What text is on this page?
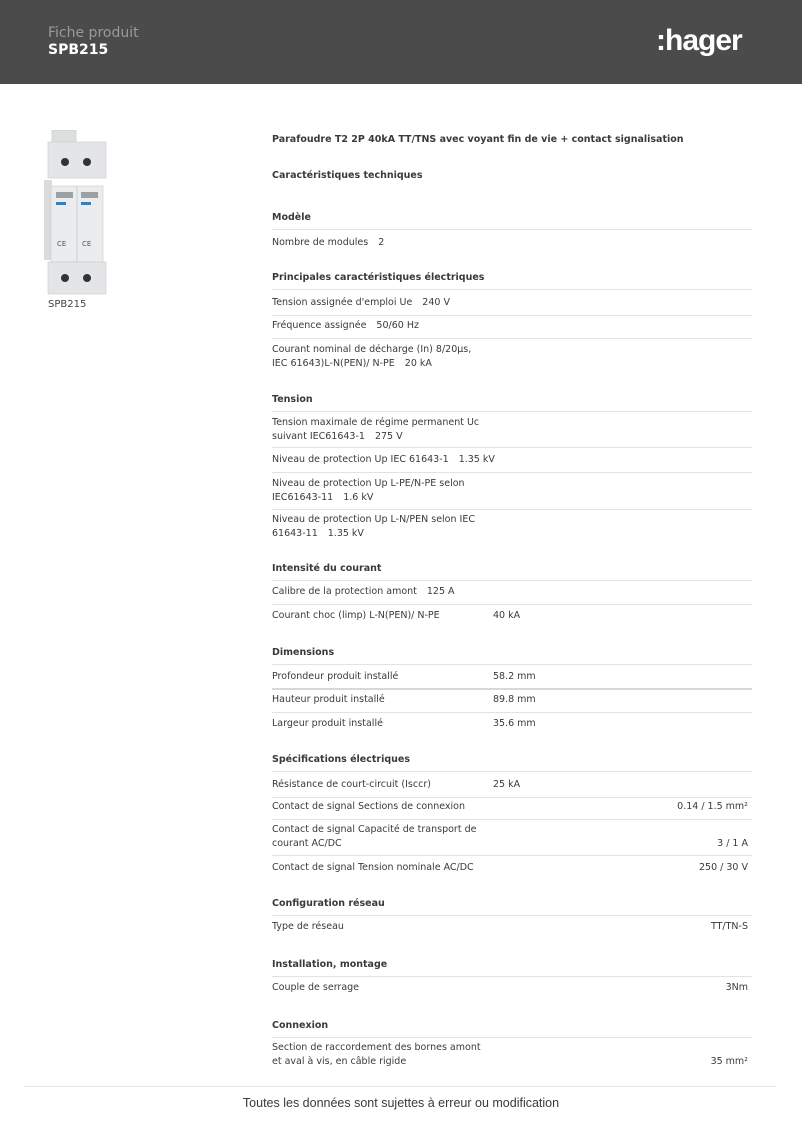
Fiche produit
SPB215	:hager
CE CE
SPB215
Parafoudre T2 2P 40kA TT/TNS avec voyant fin de vie + contact signalisation
Caractéristiques techniques
Modèle
Nombre de modules 2
Principales caractéristiques électriques
Tension assignée d'emploi Ue 240 V
Fréquence assignée 50/60 Hz
Courant nominal de décharge (In) 8/20µs,
IEC 61643)L-N(PEN)/ N-PE 20 kA
Tension
Tension maximale de régime permanent Uc
suivant IEC61643-1 275 V
Niveau de protection Up IEC 61643-1 1.35 kV
Niveau de protection Up L-PE/N-PE selon
IEC61643-11 1.6 kV
Niveau de protection Up L-N/PEN selon IEC
61643-11 1.35 kV
Intensité du courant
Calibre de la protection amont 125 A
Courant choc (limp) L-N(PEN)/ N-PE	40 kA
Dimensions
Profondeur produit installé	58.2 mm
Hauteur produit installé	89.8 mm
Largeur produit installé	35.6 mm
Spécifications électriques
Résistance de court-circuit (Isccr)	25 kA
Contact de signal Sections de connexion	0.14 / 1.5 mm²
Contact de signal Capacité de transport de
courant AC/DC	3 / 1 A
Contact de signal Tension nominale AC/DC	250 / 30 V
Configuration réseau
Type de réseau	TT/TN-S
Installation, montage
Couple de serrage	3Nm
Connexion
Section de raccordement des bornes amont
et aval à vis, en câble rigide	35 mm²
Toutes les données sont sujettes à erreur ou modification
